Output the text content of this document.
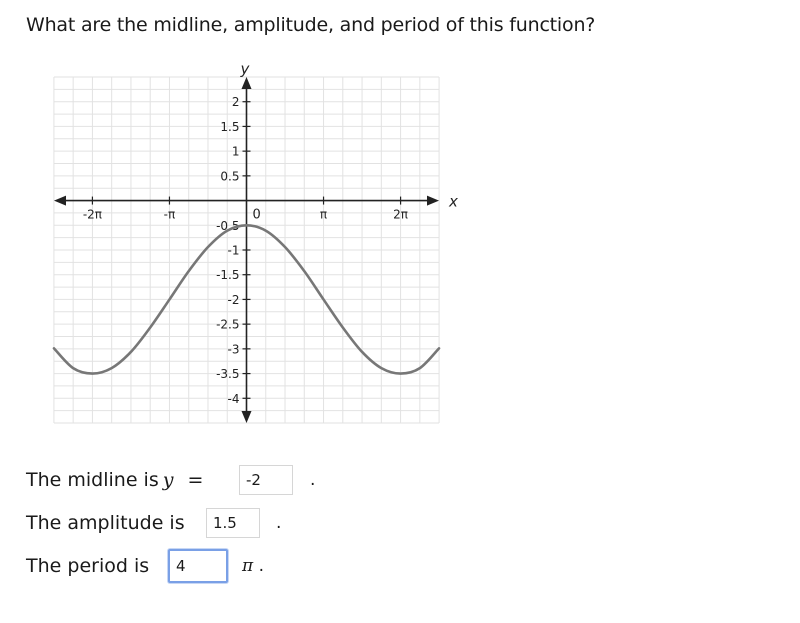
What are the midline, amplitude, and period of this function?
x
y
0
-2π	-π	π	2π
2
1.5
1
0.5
-0.5
-1
-1.5
-2
-2.5
-3
-3.5
-4
The midline is y =	-2	.
The amplitude is	1.5	.
The period is	4	π .
